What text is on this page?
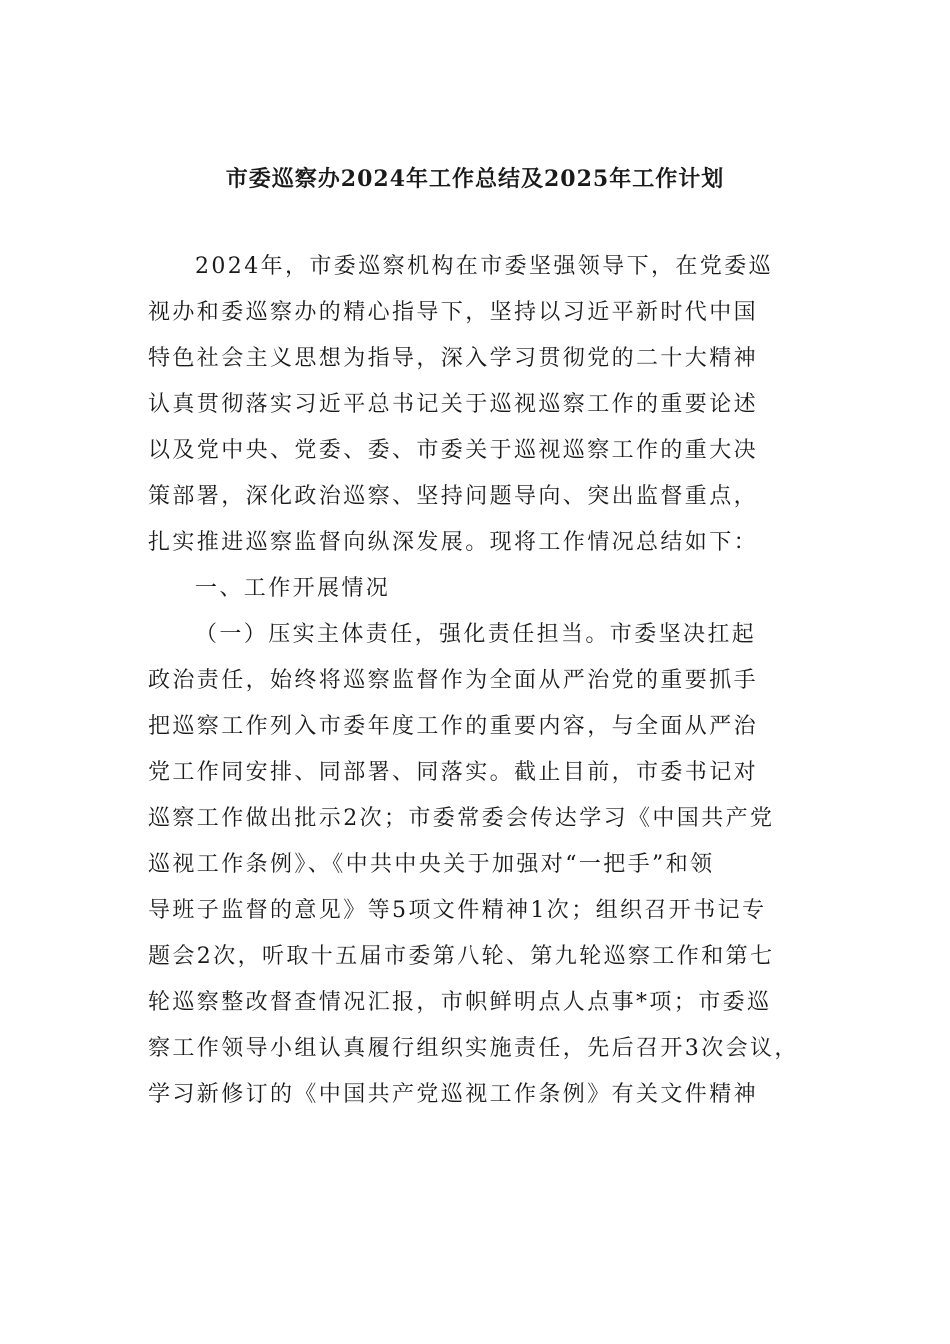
市委巡察办2024年工作总结及2025年工作计划
2024年，市委巡察机构在市委坚强领导下，在党委巡
视办和委巡察办的精心指导下，坚持以习近平新时代中国
特色社会主义思想为指导，深入学习贯彻党的二十大精神
认真贯彻落实习近平总书记关于巡视巡察工作的重要论述
以及党中央、党委、委、市委关于巡视巡察工作的重大决
策部署，深化政治巡察、坚持问题导向、突出监督重点，
扎实推进巡察监督向纵深发展。现将工作情况总结如下：
一、工作开展情况
（一）压实主体责任，强化责任担当。市委坚决扛起
政治责任，始终将巡察监督作为全面从严治党的重要抓手
把巡察工作列入市委年度工作的重要内容，与全面从严治
党工作同安排、同部署、同落实。截止目前，市委书记对
巡察工作做出批示2次；市委常委会传达学习《中国共产党
巡视工作条例》、《中共中央关于加强对“一把手”和领
导班子监督的意见》等5项文件精神1次；组织召开书记专
题会2次，听取十五届市委第八轮、第九轮巡察工作和第七
轮巡察整改督查情况汇报，市帜鲜明点人点事*项；市委巡
察工作领导小组认真履行组织实施责任，先后召开3次会议，
学习新修订的《中国共产党巡视工作条例》有关文件精神
